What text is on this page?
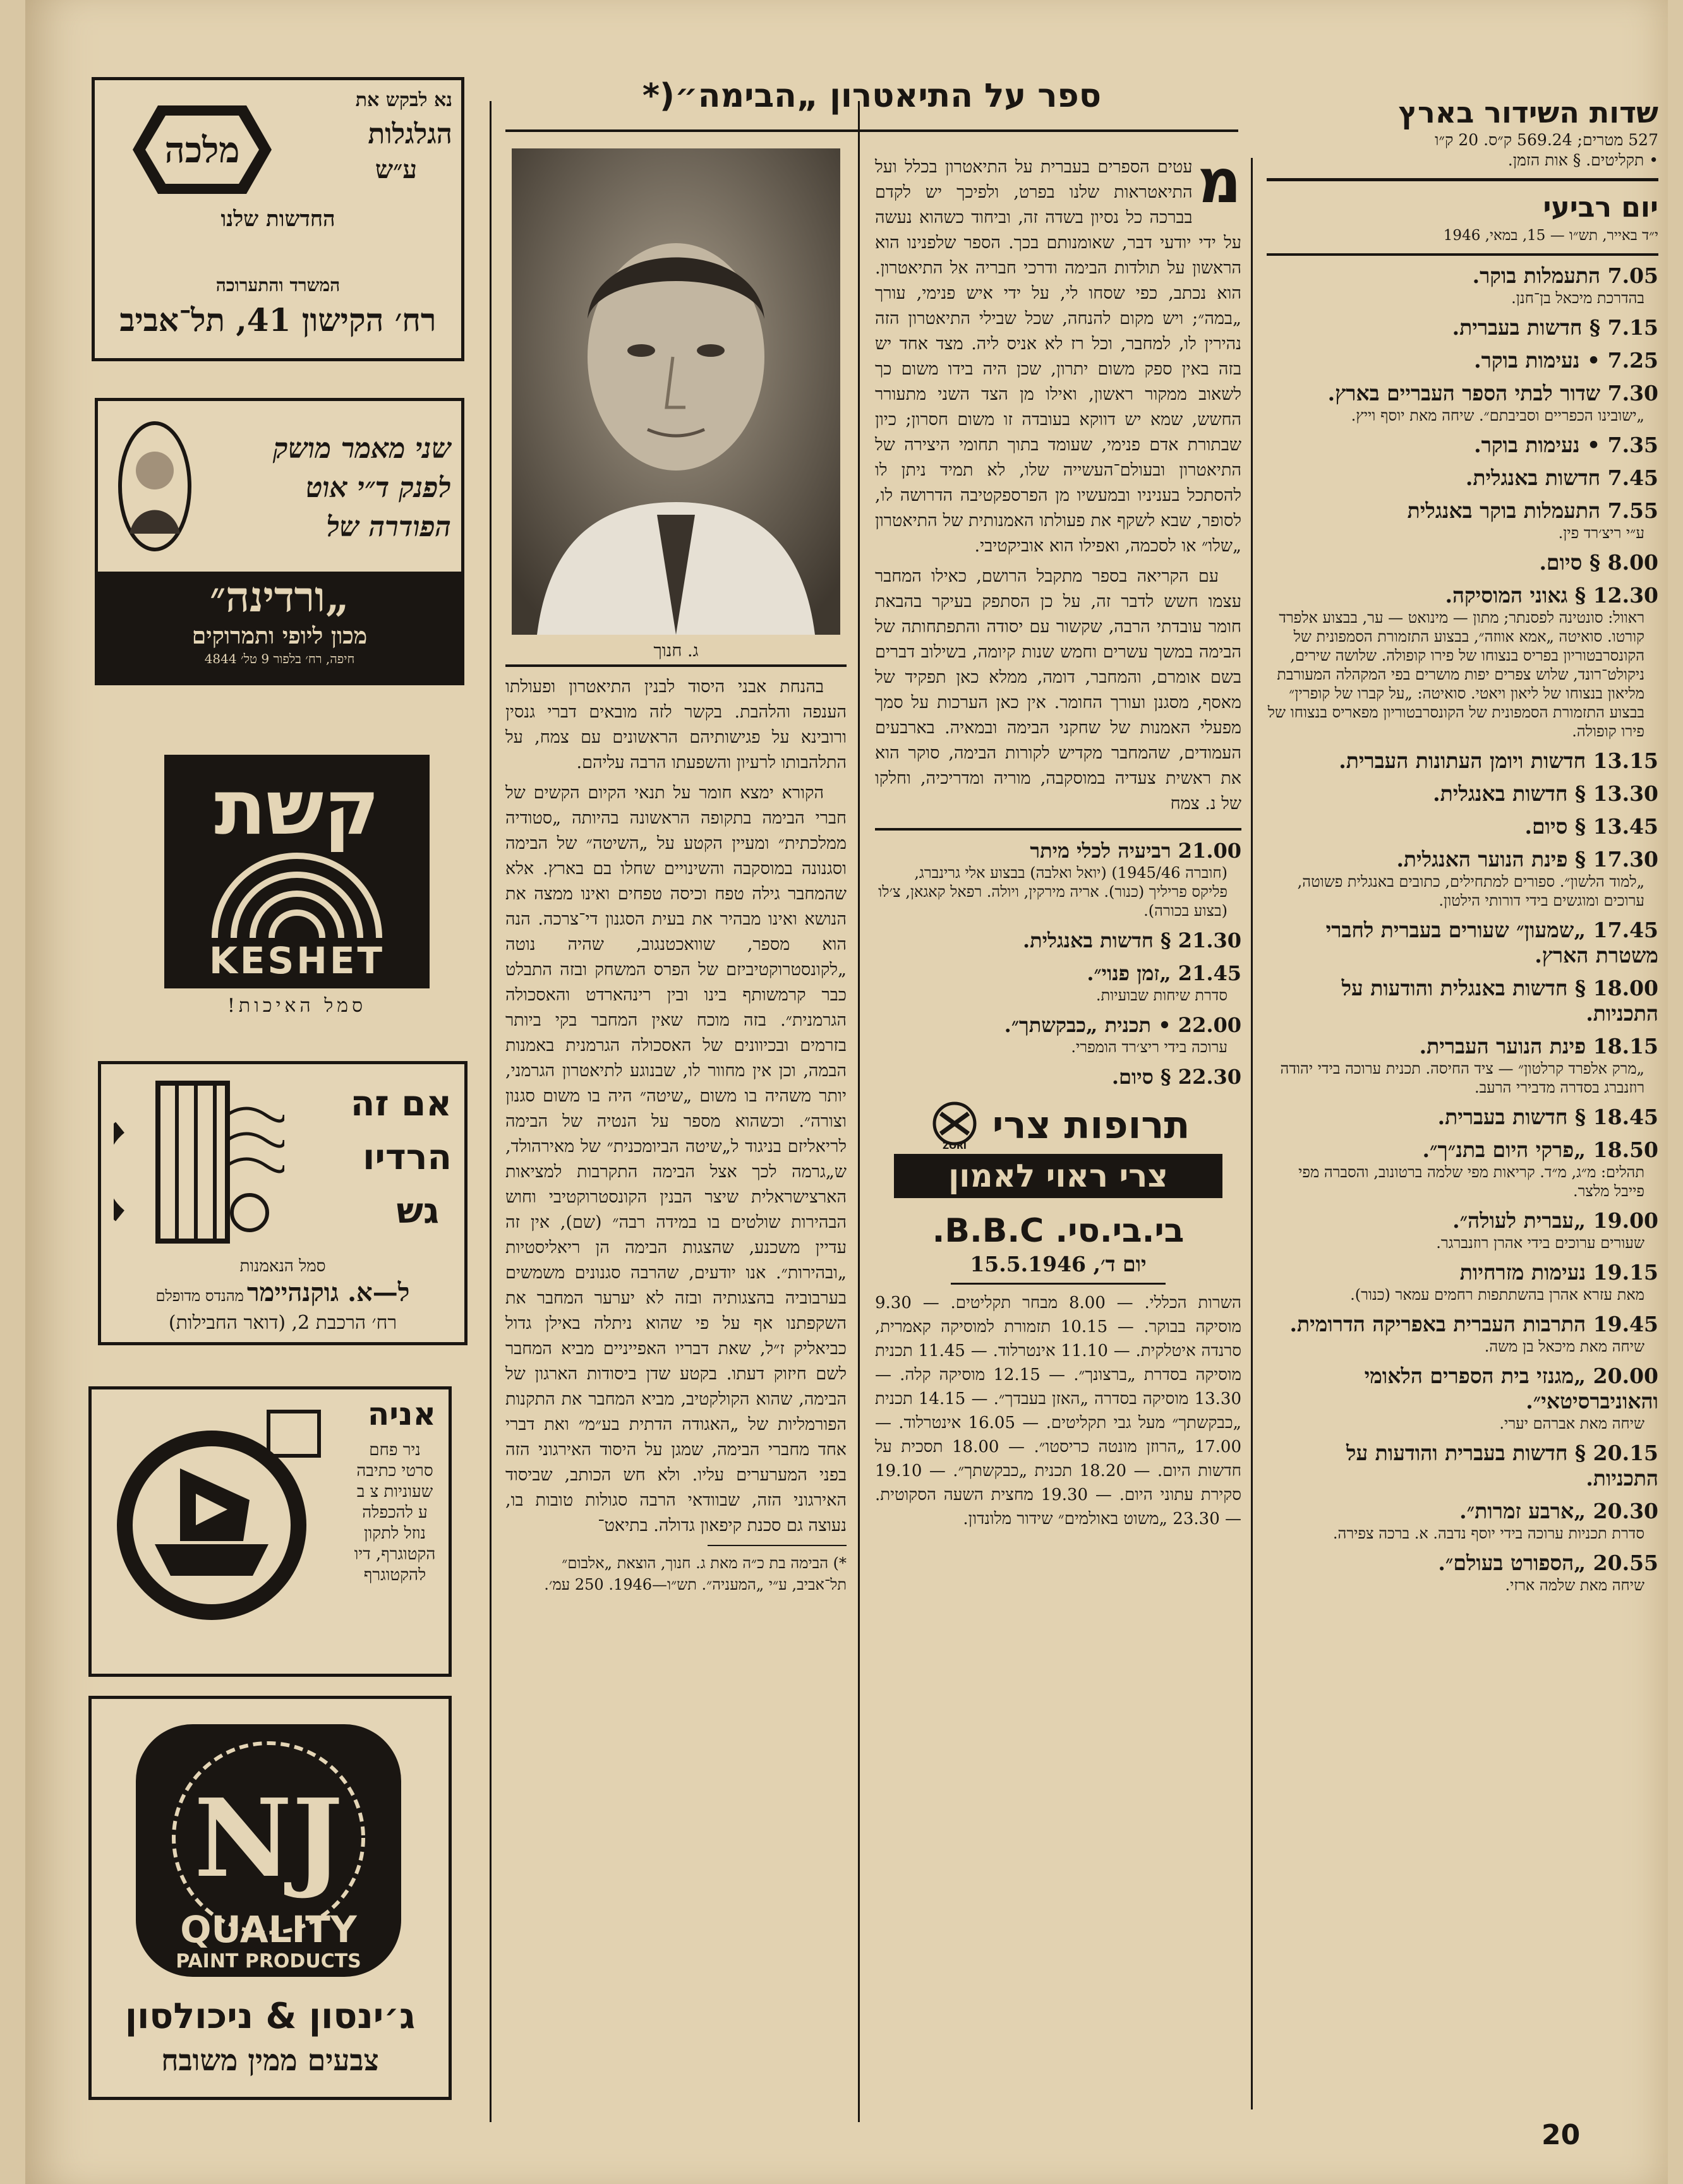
שדות השידור בארץ
527 מטרים; 569.24 ק״ס. 20 ק״ו
• תקליטים. § אות הזמן.
יום רביעי
י״ד באייר, תש״ו — 15, במאי, 1946
7.05 התעמלות בוקר.
בהדרכת מיכאל בן־חנן.
7.15 § חדשות בעברית.
7.25 • נעימות בוקר.
7.30 שדור לבתי הספר העבריים בארץ.
„ישובינו הכפריים וסביבתם״. שיחה מאת יוסף וייץ.
7.35 • נעימות בוקר.
7.45 חדשות באנגלית.
7.55 התעמלות בוקר באנגלית
ע״י ריצ׳רד פין.
8.00 § סיום.
12.30 § גאוני המוסיקה.
ראוול: סונטינה לפסנתר; מתון — מינואט — ער, בבצוע אלפרד קורטו. סואיטה „אמא אווזה״, בבצוע התזמורת הסמפונית של הקונסרבטוריון בפריס בנצוחו של פירו קופולה. שלושה שירים, ניקולט־רונד, שלוש צפרים יפות מושרים בפי המקהלה המעורבת מליאון בנצוחו של ליאון ויאטי. סואיטה: „על קברו של קופרין״ בבצוע התזמורת הסמפונית של הקונסרבטוריון מפאריס בנצוחו של פירו קופולה.
13.15 חדשות ויומן העתונות העברית.
13.30 § חדשות באנגלית.
13.45 § סיום.
17.30 § פינת הנוער האנגלית.
„למוד הלשון״. ספורים למתחילים, כתובים באנגלית פשוטה, ערוכים ומוגשים בידי דורותי הילטון.
17.45 „שמעון״ שעורים בעברית לחברי משטרת הארץ.
18.00 § חדשות באנגלית והודעות על התכניות.
18.15 פינת הנוער העברית.
„מרק אלפרד קרלטון״ — ציד החיסה. תכנית ערוכה בידי יהודה רוזנברג בסדרה מדבירי הרעב.
18.45 § חדשות בעברית.
18.50 „פרקי היום בתנ״ך״.
תהלים: מ״ג, מ״ד. קריאות מפי שלמה ברטונוב, והסברה מפי פייבל מלצר.
19.00 „עברית לעולה״.
שעורים ערוכים בידי אהרן רוזנברגר.
19.15 נעימות מזרחיות
מאת עזרא אהרן בהשתתפות רחמים עמאר (כנור).
19.45 התרבות העברית באפריקה הדרומית.
שיחה מאת מיכאל בן משה.
20.00 „מגנזי בית הספרים הלאומי והאוניברסיטאי״.
שיחה מאת אברהם יערי.
20.15 § חדשות בעברית והודעות על התכניות.
20.30 „ארבע זמרות״.
סדרת תכניות ערוכה בידי יוסף נדבה. א. ברכה צפירה.
20.55 „הספורט בעולם״.
שיחה מאת שלמה ארזי.
ספר על התיאטרון „הבימה״(*

מ
עטים הספרים בעברית על התיאטרון בכלל ועל התיאטראות שלנו בפרט, ולפיכך יש לקדם בברכה כל נסיון בשדה זה, וביחוד כשהוא נעשה על ידי יודעי דבר, שאומנותם בכך. הספר שלפנינו הוא הראשון על תולדות הבימה ודרכי חבריה אל התיאטרון. הוא נכתב, כפי שסחו לי, על ידי איש פנימי, עורך „במה״; ויש מקום להנחה, שכל שבילי התיאטרון הזה נהירין לו, למחבר, וכל רז לא אניס ליה. מצד אחד יש בזה באין ספק משום יתרון, שכן היה בידו משום כך לשאוב ממקור ראשון, ואילו מן הצד השני מתעורר החשש, שמא יש דווקא בעובדה זו משום חסרון; כיון שבתורת אדם פנימי, שעומד בתוך תחומי היצירה של התיאטרון ובעולם־העשייה שלו, לא תמיד ניתן לו להסתכל בעניניו ובמעשיו מן הפרספקטיבה הדרושה לו, לסופר, שבא לשקף את פעולתו האמנותית של התיאטרון „שלו״ או לסכמה, ואפילו הוא אוביקטיבי.

עם הקריאה בספר מתקבל הרושם, כאילו המחבר עצמו חשש לדבר זה, על כן הסתפק בעיקר בהבאת חומר עובדתי הרבה, שקשור עם יסודה והתפתחותה של הבימה במשך עשרים וחמש שנות קיומה, בשילוב דברים בשם אומרם, והמחבר, דומה, ממלא כאן תפקיד של מאסף, מסגנן ועורך החומר. אין כאן הערכות על סמך מפעלי האמנות של שחקני הבימה ובמאיה. בארבעים העמודים, שהמחבר מקדיש לקורות הבימה, סוקר הוא את ראשית צעדיה במוסקבה, מוריה ומדריכיה, וחלקו של נ. צמח

21.00 רביעיה לכלי מיתר
(חוברה 1945/46) (יואל ואלבה) בבצוע אלי גרינברג, פליקס פריליך (כנור). אריה מירקין, ויולה. רפאל קאגאן, צ׳לו (בצוע בכורה).
21.30 § חדשות באנגלית.
21.45 „זמן פנוי״.
סדרת שיחות שבועיות.
22.00 • תכנית „כבקשתך״.
ערוכה בידי ריצ׳רד הומפרי.
22.30 § סיום.
תרופות צרי
ZORI
צרי ראוי לאמון
בי.בי.סי. B.B.C.
יום ד׳, 15.5.1946
השרות הכללי. — 8.00 מבחר תקליטים. — 9.30 מוסיקה בבוקר. — 10.15 תזמורת למוסיקה קאמרית, סרנדה איטלקית. — 11.10 אינטרלוד. — 11.45 תכנית מוסיקה בסדרת „ברצונך״. — 12.15 מוסיקה קלה. — 13.30 מוסיקה בסדרה „האזן בעבדך״. — 14.15 תכנית „כבקשתך״ מעל גבי תקליטים. — 16.05 אינטרלוד. — 17.00 „הרוזן מונטה כריסטו״. — 18.00 תסכית על חדשות היום. — 18.20 תכנית „כבקשתך״. — 19.10 סקירת עתוני היום. — 19.30 מחצית השעה הסקוטית. — 23.30 „משוט באולמים״ שידור מלונדון.
ג. חנוך

בהנחת אבני היסוד לבנין התיאטרון ופעולתו הענפה והלהבת. בקשר לזה מובאים דברי גנסין ורובינא על פגישותיהם הראשונים עם צמח, על התלהבותו לרעיון והשפעתו הרבה עליהם.

הקורא ימצא חומר על תנאי הקיום הקשים של חברי הבימה בתקופה הראשונה בהיותה „סטודיה ממלכתית״ ומעיין הקטע על „השיטה״ של הבימה וסגנונה במוסקבה והשינויים שחלו בם בארץ. אלא שהמחבר גילה טפח וכיסה טפחים ואינו ממצה את הנושא ואינו מבהיר את בעית הסגנון די־צרכה. הנה הוא מספר, שוואכטנגוב, שהיה נוטה „לקונסטרוקטיביזם של הפרס המשחק ובזה התבלט כבר קרמשותף בינו ובין רינהארדט והאסכולה הגרמנית״. בזה מוכח שאין המחבר בקי ביותר בזרמים ובכיוונים של האסכולה הגרמנית באמנות הבמה, וכן אין מחוור לו, שבנוגע לתיאטרון הגרמני, יותר משהיה בו משום „שיטה״ היה בו משום סגנון וצורה״. וכשהוא מספר על הנטיה של הבימה לריאליזם בניגוד ל„שיטה הביומכנית״ של מאירהולד, ש„גרמה לכך אצל הבימה התקרבות למציאות הארצישראלית שיצר הבנין הקונסטרוקטיבי וחוש הבהירות שולטים בו במידה רבה״ (שם), אין זה עדיין משכנע, שהצגות הבימה הן ריאליסטיות „ובהירות״. אנו יודעים, שהרבה סגנונים משמשים בערבוביה בהצגותיה ובזה לא יערער המחבר את השקפתנו אף על פי שהוא ניתלה באילן גדול כביאליק ז״ל, שאת דבריו האפייניים מביא המחבר לשם חיזוק דעתו. בקטע שדן ביסודות הארגון של הבימה, שהוא הקולקטיב, מביא המחבר את התקנות הפורמליות של „האגודה הדתית בע״מ״ ואת דברי אחד מחברי הבימה, שמגן על היסוד האירגוני הזה בפני המערערים עליו. ולא חש הכותב, שביסוד האירגוני הזה, שבוודאי הרבה סגולות טובות בו, נעוצה גם סכנת קיפאון גדולה. בתיאט־

*) הבימה בת כ״ה מאת ג. חנוך, הוצאת „אלבום״ תל־אביב, ע״י „המעניה״. תש״ו—1946. 250 עמ׳.
נא לבקש את
הגלגלות
ע״ש
מלכה
החדשות שלנו
המשרד והתערוכה
רח׳ הקישון 41, תל־אביב
שני מאמר מושק
לפנק ד״י אוט
הפודרה של
„ורדינה״
מכון ליופי ותמרוקים
חיפה, רח׳ בלפור 9 טל׳ 4844
קשת
KESHET
סמל האיכות!
אם זה
הרדיו
גש
סמל הנאמנות
ל—א. גוקנהיימר מהנדס מדופלם
רח׳ הרכבת 2, (דואר החבילות)
אניה
ניר פחם סרטי כתיבה שעוניות צ ב ע להכפלה נוזל לתקון הקטוגרף, דיו להקטוגרף
NJ
QUALITY
PAINT PRODUCTS
ג׳ינסון & ניכולסון
צבעים ממין משובח
20
